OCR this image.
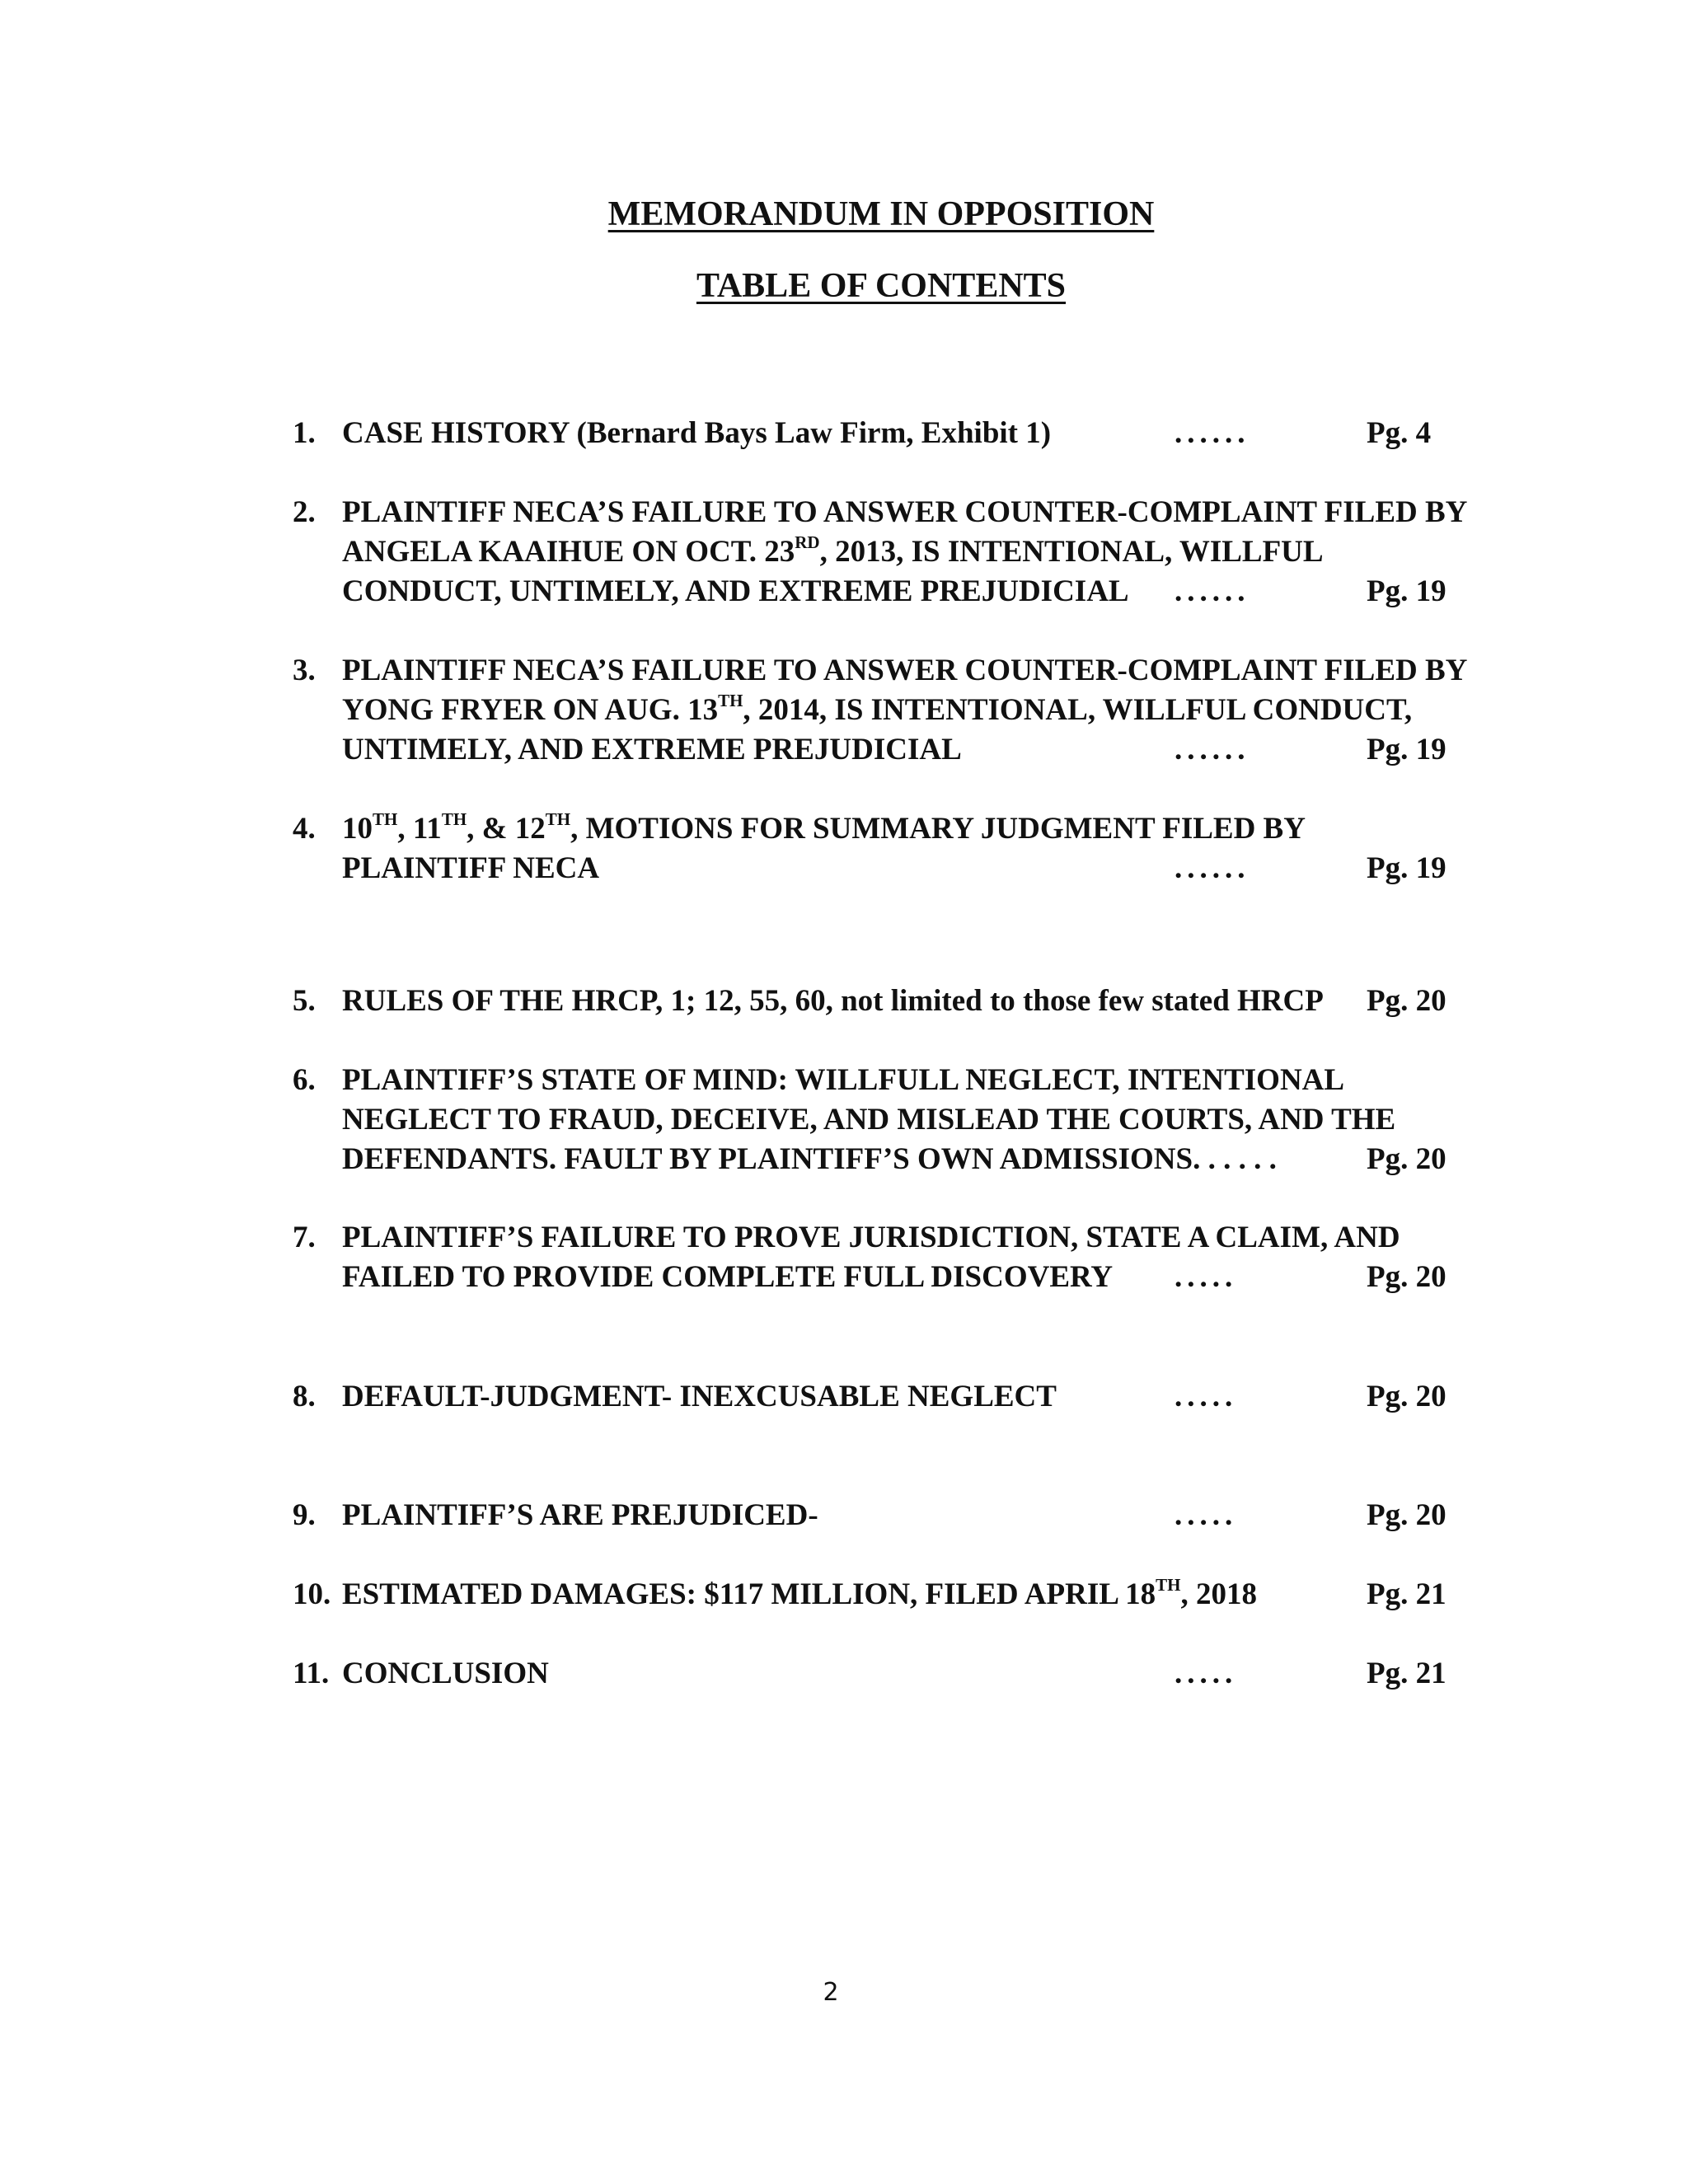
MEMORANDUM IN OPPOSITION
TABLE OF CONTENTS
1. CASE HISTORY (Bernard Bays Law Firm, Exhibit 1)	......	Pg. 4
2. PLAINTIFF NECA’S FAILURE TO ANSWER COUNTER-COMPLAINT FILED BY
ANGELA KAAIHUE ON OCT. 23RD, 2013, IS INTENTIONAL, WILLFUL
CONDUCT, UNTIMELY, AND EXTREME PREJUDICIAL ......	Pg. 19
3. PLAINTIFF NECA’S FAILURE TO ANSWER COUNTER-COMPLAINT FILED BY
YONG FRYER ON AUG. 13TH, 2014, IS INTENTIONAL, WILLFUL CONDUCT,
UNTIMELY, AND EXTREME PREJUDICIAL	......	Pg. 19
4. 10TH, 11TH, & 12TH, MOTIONS FOR SUMMARY JUDGMENT FILED BY
PLAINTIFF NECA	......	Pg. 19
5. RULES OF THE HRCP, 1; 12, 55, 60, not limited to those few stated HRCP Pg. 20
6. PLAINTIFF’S STATE OF MIND: WILLFULL NEGLECT, INTENTIONAL
NEGLECT TO FRAUD, DECEIVE, AND MISLEAD THE COURTS, AND THE
DEFENDANTS. FAULT BY PLAINTIFF’S OWN ADMISSIONS. . . . . .	Pg. 20
7. PLAINTIFF’S FAILURE TO PROVE JURISDICTION, STATE A CLAIM, AND
FAILED TO PROVIDE COMPLETE FULL DISCOVERY .....	Pg. 20
8. DEFAULT-JUDGMENT- INEXCUSABLE NEGLECT	.....	Pg. 20
9. PLAINTIFF’S ARE PREJUDICED-	.....	Pg. 20
10. ESTIMATED DAMAGES: $117 MILLION, FILED APRIL 18TH, 2018	Pg. 21
11. CONCLUSION	.....	Pg. 21
2
